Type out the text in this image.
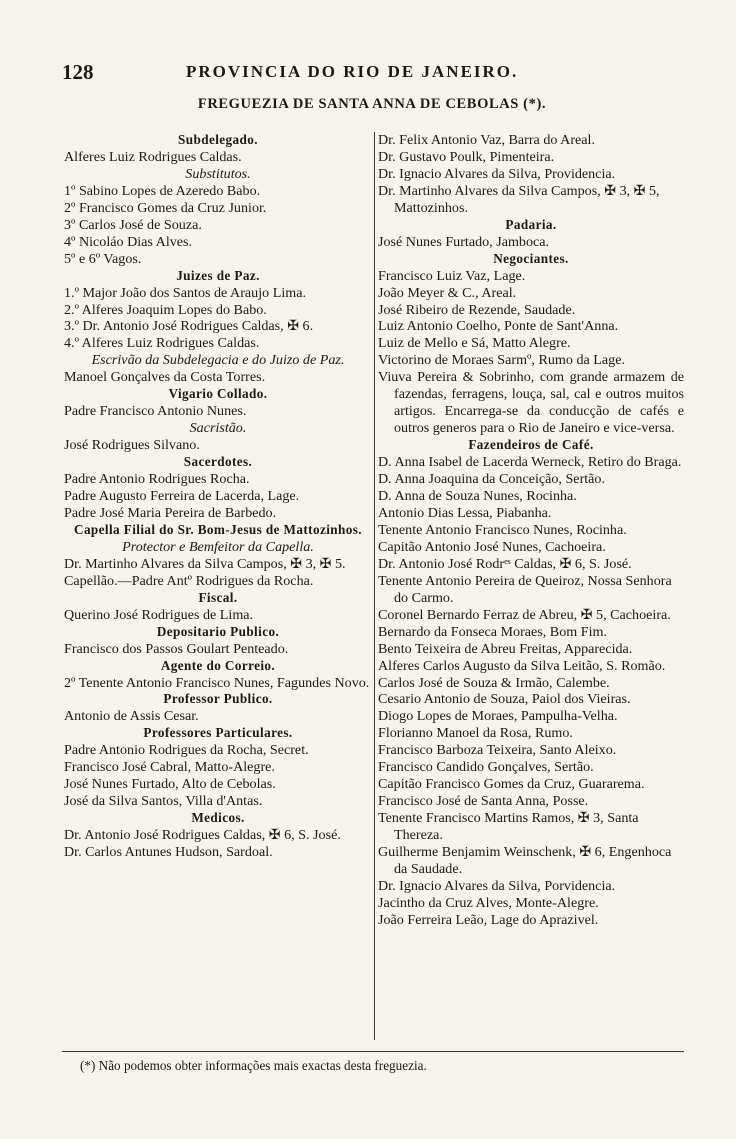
128	PROVINCIA DO RIO DE JANEIRO.
FREGUEZIA DE SANTA ANNA DE CEBOLAS (*).
Subdelegado.
Alferes Luiz Rodrigues Caldas.
Substitutos.
1º Sabino Lopes de Azeredo Babo.
2º Francisco Gomes da Cruz Junior.
3º Carlos José de Souza.
4º Nicoláo Dias Alves.
5º e 6º Vagos.
Juizes de Paz.
1.º Major João dos Santos de Araujo Lima.
2.º Alferes Joaquim Lopes do Babo.
3.º Dr. Antonio José Rodrigues Caldas, ✠ 6.
4.º Alferes Luiz Rodrigues Caldas.
Escrivão da Subdelegacia e do Juizo de Paz.
Manoel Gonçalves da Costa Torres.
Vigario Collado.
Padre Francisco Antonio Nunes.
Sacristão.
José Rodrigues Silvano.
Sacerdotes.
Padre Antonio Rodrigues Rocha.
Padre Augusto Ferreira de Lacerda, Lage.
Padre José Maria Pereira de Barbedo.
Capella Filial do Sr. Bom-Jesus de Mattozinhos.
Protector e Bemfeitor da Capella.
Dr. Martinho Alvares da Silva Campos, ✠ 3, ✠ 5.
Capellão.—Padre Antº Rodrigues da Rocha.
Fiscal.
Querino José Rodrigues de Lima.
Depositario Publico.
Francisco dos Passos Goulart Penteado.
Agente do Correio.
2º Tenente Antonio Francisco Nunes, Fagundes Novo.
Professor Publico.
Antonio de Assis Cesar.
Professores Particulares.
Padre Antonio Rodrigues da Rocha, Secret.
Francisco José Cabral, Matto-Alegre.
José Nunes Furtado, Alto de Cebolas.
José da Silva Santos, Villa d'Antas.
Medicos.
Dr. Antonio José Rodrigues Caldas, ✠ 6, S. José.
Dr. Carlos Antunes Hudson, Sardoal.
Dr. Felix Antonio Vaz, Barra do Areal.
Dr. Gustavo Poulk, Pimenteira.
Dr. Ignacio Alvares da Silva, Providencia.
Dr. Martinho Alvares da Silva Campos, ✠ 3, ✠ 5, Mattozinhos.
Padaria.
José Nunes Furtado, Jamboca.
Negociantes.
Francisco Luiz Vaz, Lage.
João Meyer & C., Areal.
José Ribeiro de Rezende, Saudade.
Luiz Antonio Coelho, Ponte de Sant'Anna.
Luiz de Mello e Sá, Matto Alegre.
Victorino de Moraes Sarmº, Rumo da Lage.
Viuva Pereira & Sobrinho, com grande armazem de fazendas, ferragens, louça, sal, cal e outros muitos artigos. Encarrega-se da conducção de cafés e outros generos para o Rio de Janeiro e vice-versa.
Fazendeiros de Café.
D. Anna Isabel de Lacerda Werneck, Retiro do Braga.
D. Anna Joaquina da Conceição, Sertão.
D. Anna de Souza Nunes, Rocinha.
Antonio Dias Lessa, Piabanha.
Tenente Antonio Francisco Nunes, Rocinha.
Capitão Antonio José Nunes, Cachoeira.
Dr. Antonio José Rodrᵉˢ Caldas, ✠ 6, S. José.
Tenente Antonio Pereira de Queiroz, Nossa Senhora do Carmo.
Coronel Bernardo Ferraz de Abreu, ✠ 5, Cachoeira.
Bernardo da Fonseca Moraes, Bom Fim.
Bento Teixeira de Abreu Freitas, Apparecida.
Alferes Carlos Augusto da Silva Leitão, S. Romão.
Carlos José de Souza & Irmão, Calembe.
Cesario Antonio de Souza, Paiol dos Vieiras.
Diogo Lopes de Moraes, Pampulha-Velha.
Florianno Manoel da Rosa, Rumo.
Francisco Barboza Teixeira, Santo Aleixo.
Francisco Candido Gonçalves, Sertão.
Capitão Francisco Gomes da Cruz, Guararema.
Francisco José de Santa Anna, Posse.
Tenente Francisco Martins Ramos, ✠ 3, Santa Thereza.
Guilherme Benjamim Weinschenk, ✠ 6, Engenhoca da Saudade.
Dr. Ignacio Alvares da Silva, Porvidencia.
Jacintho da Cruz Alves, Monte-Alegre.
João Ferreira Leão, Lage do Aprazivel.
(*) Não podemos obter informações mais exactas desta freguezia.
